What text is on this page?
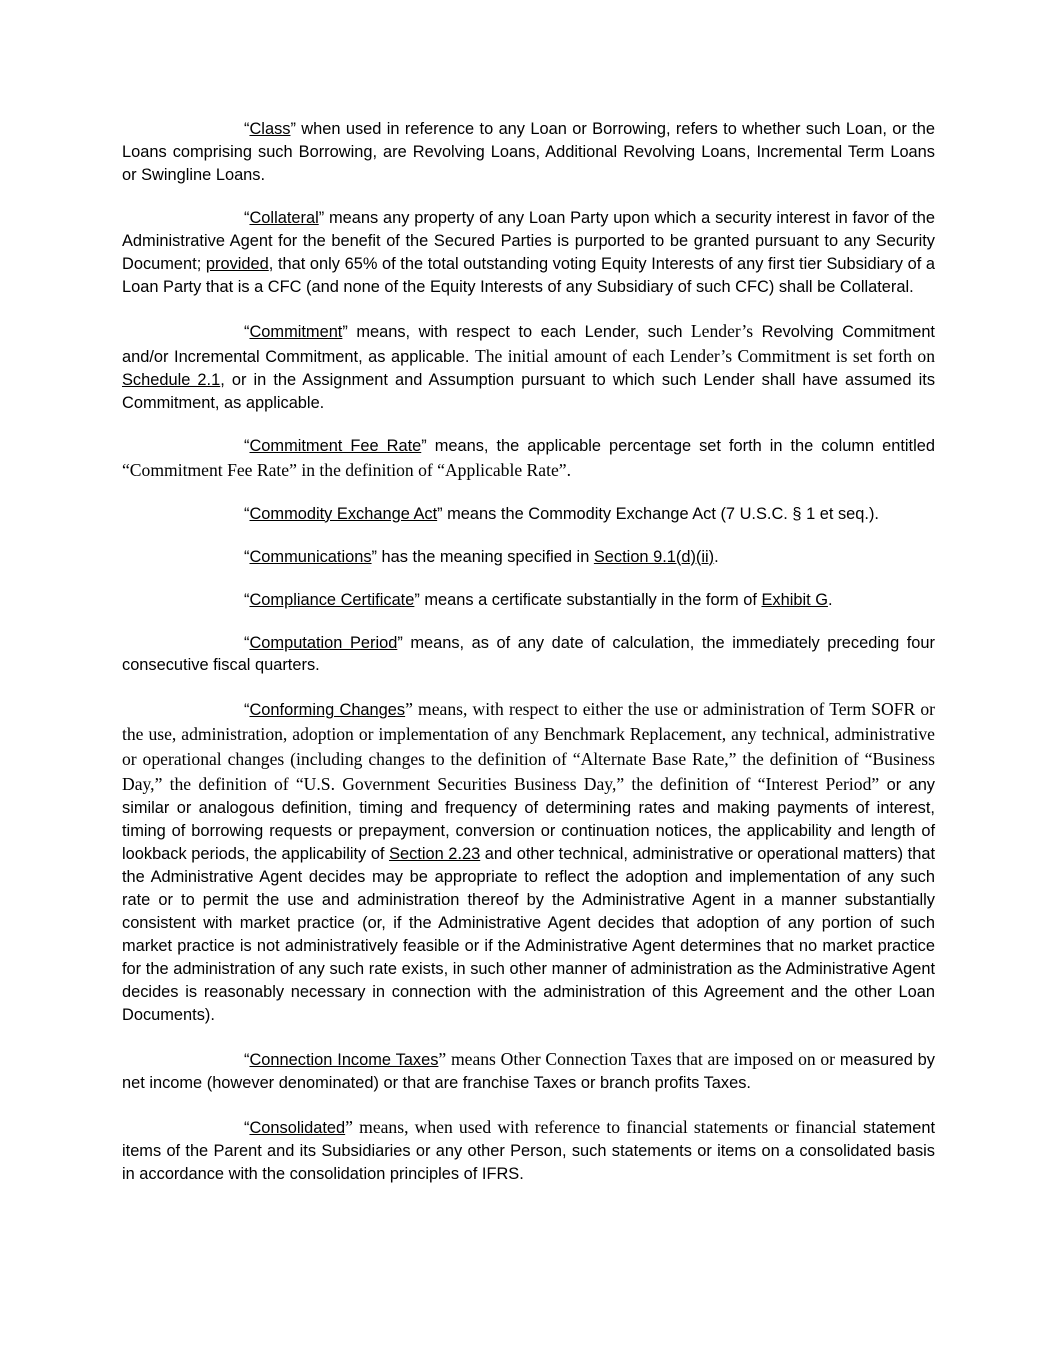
“Class” when used in reference to any Loan or Borrowing, refers to whether such Loan, or the Loans comprising such Borrowing, are Revolving Loans, Additional Revolving Loans, Incremental Term Loans or Swingline Loans.

“Collateral” means any property of any Loan Party upon which a security interest in favor of the Administrative Agent for the benefit of the Secured Parties is purported to be granted pursuant to any Security Document; provided, that only 65% of the total outstanding voting Equity Interests of any first tier Subsidiary of a Loan Party that is a CFC (and none of the Equity Interests of any Subsidiary of such CFC) shall be Collateral.

“Commitment” means, with respect to each Lender, such Lender’s Revolving Commitment and/or Incremental Commitment, as applicable. The initial amount of each Lender’s Commitment is set forth on Schedule 2.1, or in the Assignment and Assumption pursuant to which such Lender shall have assumed its Commitment, as applicable.

“Commitment Fee Rate” means, the applicable percentage set forth in the column entitled “Commitment Fee Rate” in the definition of “Applicable Rate”.

“Commodity Exchange Act” means the Commodity Exchange Act (7 U.S.C. § 1 et seq.).

“Communications” has the meaning specified in Section 9.1(d)(ii).

“Compliance Certificate” means a certificate substantially in the form of Exhibit G.

“Computation Period” means, as of any date of calculation, the immediately preceding four consecutive fiscal quarters.

“Conforming Changes” means, with respect to either the use or administration of Term SOFR or the use, administration, adoption or implementation of any Benchmark Replacement, any technical, administrative or operational changes (including changes to the definition of “Alternate Base Rate,” the definition of “Business Day,” the definition of “U.S. Government Securities Business Day,” the definition of “Interest Period” or any similar or analogous definition, timing and frequency of determining rates and making payments of interest, timing of borrowing requests or prepayment, conversion or continuation notices, the applicability and length of lookback periods, the applicability of Section 2.23 and other technical, administrative or operational matters) that the Administrative Agent decides may be appropriate to reflect the adoption and implementation of any such rate or to permit the use and administration thereof by the Administrative Agent in a manner substantially consistent with market practice (or, if the Administrative Agent decides that adoption of any portion of such market practice is not administratively feasible or if the Administrative Agent determines that no market practice for the administration of any such rate exists, in such other manner of administration as the Administrative Agent decides is reasonably necessary in connection with the administration of this Agreement and the other Loan Documents).

“Connection Income Taxes” means Other Connection Taxes that are imposed on or measured by net income (however denominated) or that are franchise Taxes or branch profits Taxes.

“Consolidated” means, when used with reference to financial statements or financial statement items of the Parent and its Subsidiaries or any other Person, such statements or items on a consolidated basis in accordance with the consolidation principles of IFRS.
